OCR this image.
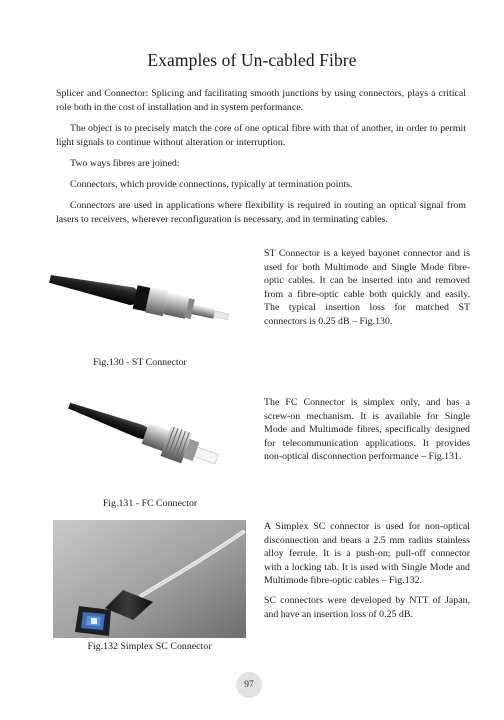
Examples of Un-cabled Fibre

Splicer and Connector: Splicing and facilitating smooth junctions by using connectors, plays a critical role both in the cost of installation and in system performance.

The object is to precisely match the core of one optical fibre with that of another, in order to permit light signals to continue without alteration or interruption.

Two ways fibres are joined:

Connectors, which provide connections, typically at termination points.

Connectors are used in applications where flexibility is required in routing an optical signal from lasers to receivers, wherever reconfiguration is necessary, and in terminating cables.

Fig.130 - ST Connector

ST Connector is a keyed bayonet connector and is used for both Multimode and Single Mode fibre-optic cables. It can be inserted into and removed from a fibre-optic cable both quickly and easily. The typical insertion loss for matched ST connectors is 0.25 dB – Fig.130.

Fig.131 - FC Connector

The FC Connector is simplex only, and has a screw-on mechanism. It is available for Single Mode and Multimode fibres, specifically designed for telecommunication applications. It provides non-optical disconnection performance – Fig.131.

Fig.132 Simplex SC Connector

A Simplex SC connector is used for non-optical disconnection and bears a 2.5 mm radius stainless alloy ferrule. It is a push-on; pull-off connector with a locking tab. It is used with Single Mode and Multimode fibre-optic cables – Fig.132.

SC connectors were developed by NTT of Japan, and have an insertion loss of 0.25 dB.

97
